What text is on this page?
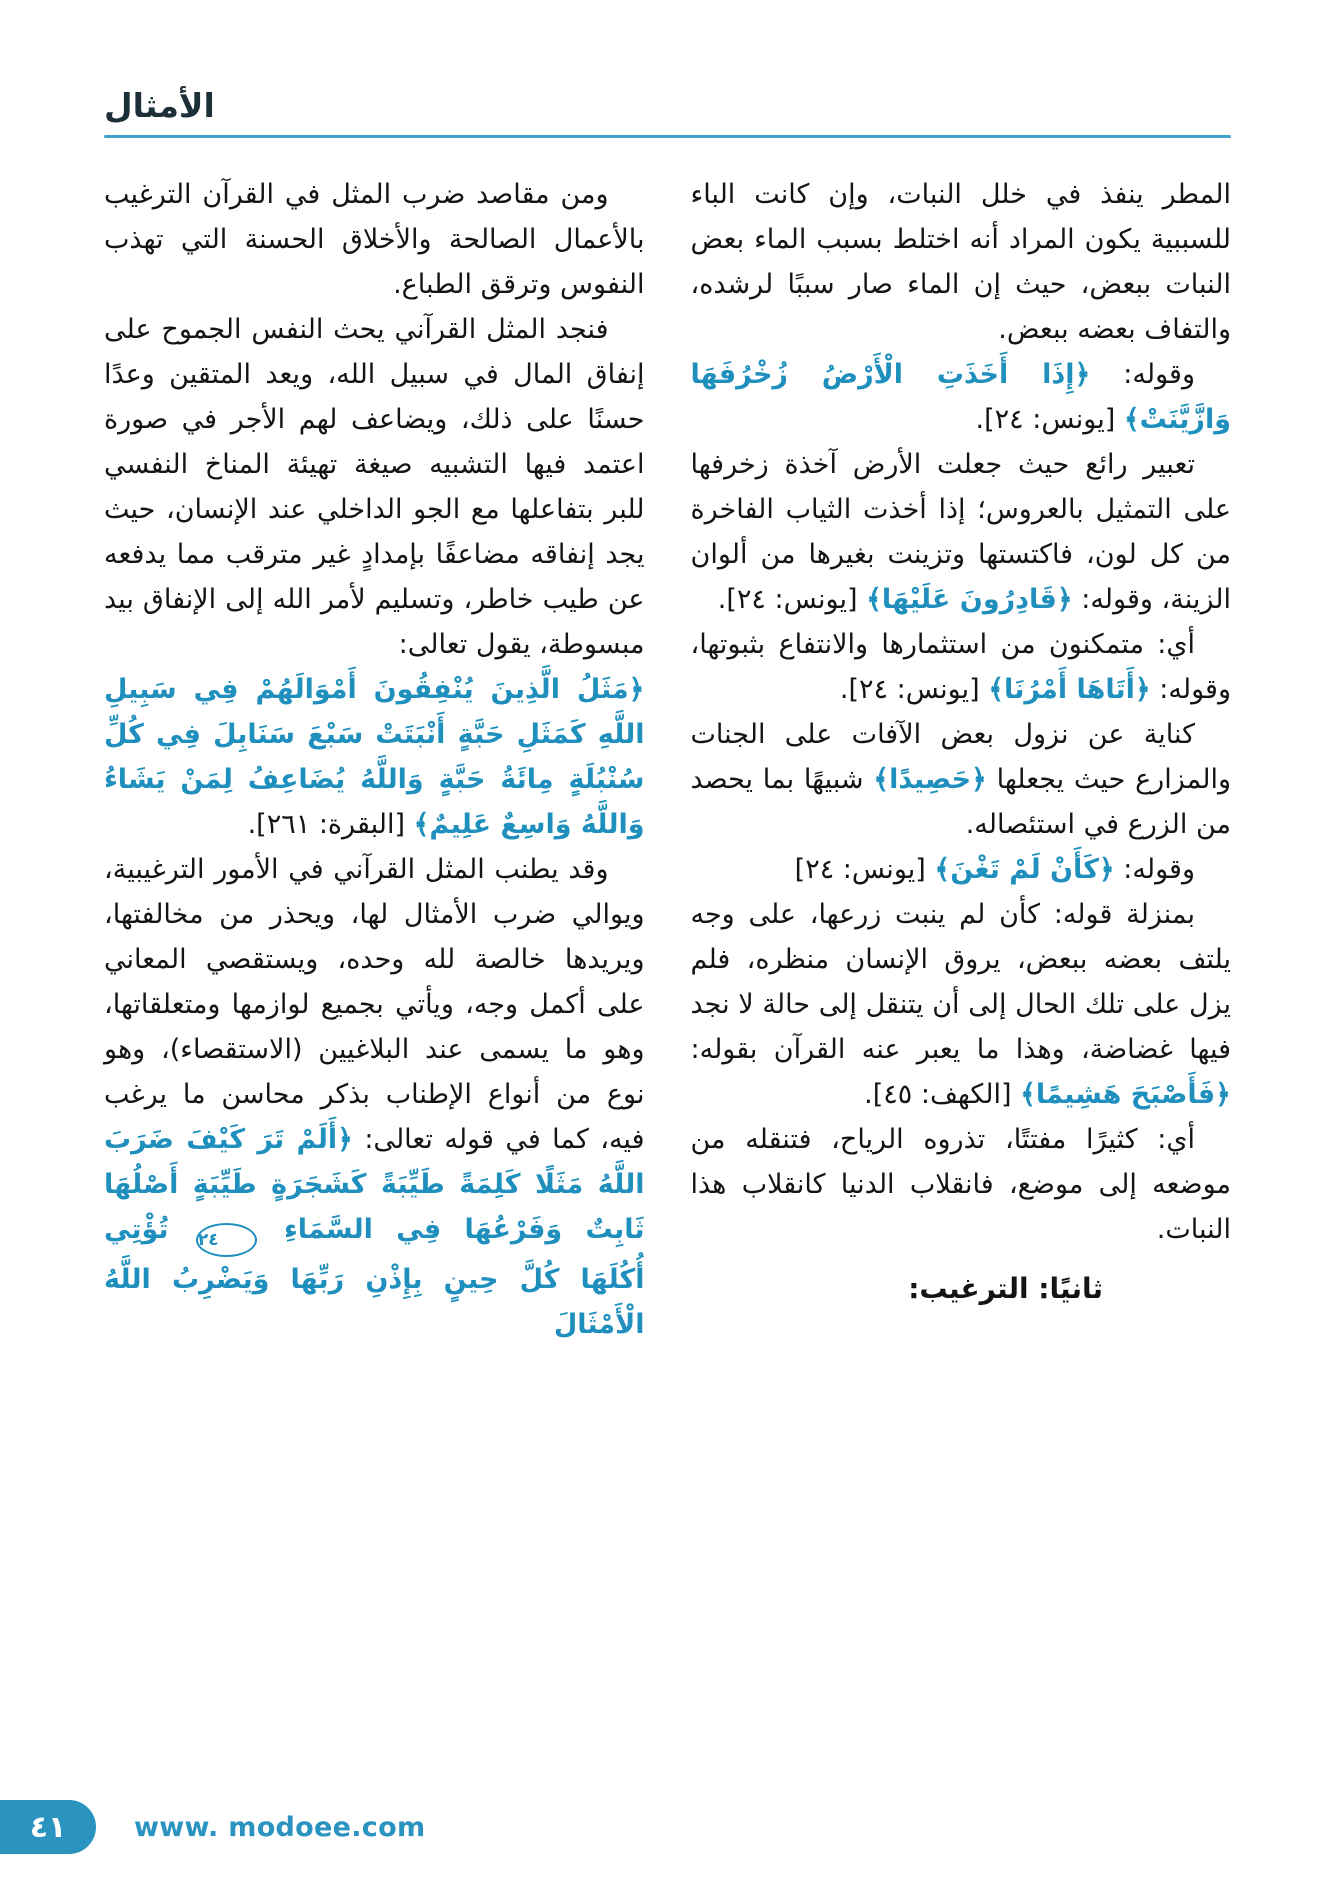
الأمثال

المطر ينفذ في خلل النبات، وإن كانت الباء للسببية يكون المراد أنه اختلط بسبب الماء بعض النبات ببعض، حيث إن الماء صار سببًا لرشده، والتفاف بعضه ببعض.

وقوله: ﴿إِذَا أَخَذَتِ الْأَرْضُ زُخْرُفَهَا وَازَّيَّنَتْ﴾ [يونس: ٢٤].

تعبير رائع حيث جعلت الأرض آخذة زخرفها على التمثيل بالعروس؛ إذا أخذت الثياب الفاخرة من كل لون، فاكتستها وتزينت بغيرها من ألوان الزينة، وقوله: ﴿قَادِرُونَ عَلَيْهَا﴾ [يونس: ٢٤].

أي: متمكنون من استثمارها والانتفاع بثبوتها، وقوله: ﴿أَتَاهَا أَمْرُنَا﴾ [يونس: ٢٤].

كناية عن نزول بعض الآفات على الجنات والمزارع حيث يجعلها ﴿حَصِيدًا﴾ شبيهًا بما يحصد من الزرع في استئصاله.

وقوله: ﴿كَأَنْ لَمْ تَغْنَ﴾ [يونس: ٢٤]

بمنزلة قوله: كأن لم ينبت زرعها، على وجه يلتف بعضه ببعض، يروق الإنسان منظره، فلم يزل على تلك الحال إلى أن يتنقل إلى حالة لا نجد فيها غضاضة، وهذا ما يعبر عنه القرآن بقوله: ﴿فَأَصْبَحَ هَشِيمًا﴾ [الكهف: ٤٥].

أي: كثيرًا مفتتًا، تذروه الرياح، فتنقله من موضعه إلى موضع، فانقلاب الدنيا كانقلاب هذا النبات.

ثانيًا: الترغيب:

ومن مقاصد ضرب المثل في القرآن الترغيب بالأعمال الصالحة والأخلاق الحسنة التي تهذب النفوس وترقق الطباع.

فنجد المثل القرآني يحث النفس الجموح على إنفاق المال في سبيل الله، ويعد المتقين وعدًا حسنًا على ذلك، ويضاعف لهم الأجر في صورة اعتمد فيها التشبيه صيغة تهيئة المناخ النفسي للبر بتفاعلها مع الجو الداخلي عند الإنسان، حيث يجد إنفاقه مضاعفًا بإمدادٍ غير مترقب مما يدفعه عن طيب خاطر، وتسليم لأمر الله إلى الإنفاق بيد مبسوطة، يقول تعالى:

﴿مَثَلُ الَّذِينَ يُنْفِقُونَ أَمْوَالَهُمْ فِي سَبِيلِ اللَّهِ كَمَثَلِ حَبَّةٍ أَنْبَتَتْ سَبْعَ سَنَابِلَ فِي كُلِّ سُنْبُلَةٍ مِائَةُ حَبَّةٍ وَاللَّهُ يُضَاعِفُ لِمَنْ يَشَاءُ وَاللَّهُ وَاسِعٌ عَلِيمٌ﴾ [البقرة: ٢٦١].

وقد يطنب المثل القرآني في الأمور الترغيبية، ويوالي ضرب الأمثال لها، ويحذر من مخالفتها، ويريدها خالصة لله وحده، ويستقصي المعاني على أكمل وجه، ويأتي بجميع لوازمها ومتعلقاتها، وهو ما يسمى عند البلاغيين (الاستقصاء)، وهو نوع من أنواع الإطناب بذكر محاسن ما يرغب فيه، كما في قوله تعالى: ﴿أَلَمْ تَرَ كَيْفَ ضَرَبَ اللَّهُ مَثَلًا كَلِمَةً طَيِّبَةً كَشَجَرَةٍ طَيِّبَةٍ أَصْلُهَا ثَابِتٌ وَفَرْعُهَا فِي السَّمَاءِ ٢٤ تُؤْتِي أُكُلَهَا كُلَّ حِينٍ بِإِذْنِ رَبِّهَا وَيَضْرِبُ اللَّهُ الْأَمْثَالَ

٤١	www. modoee.com
